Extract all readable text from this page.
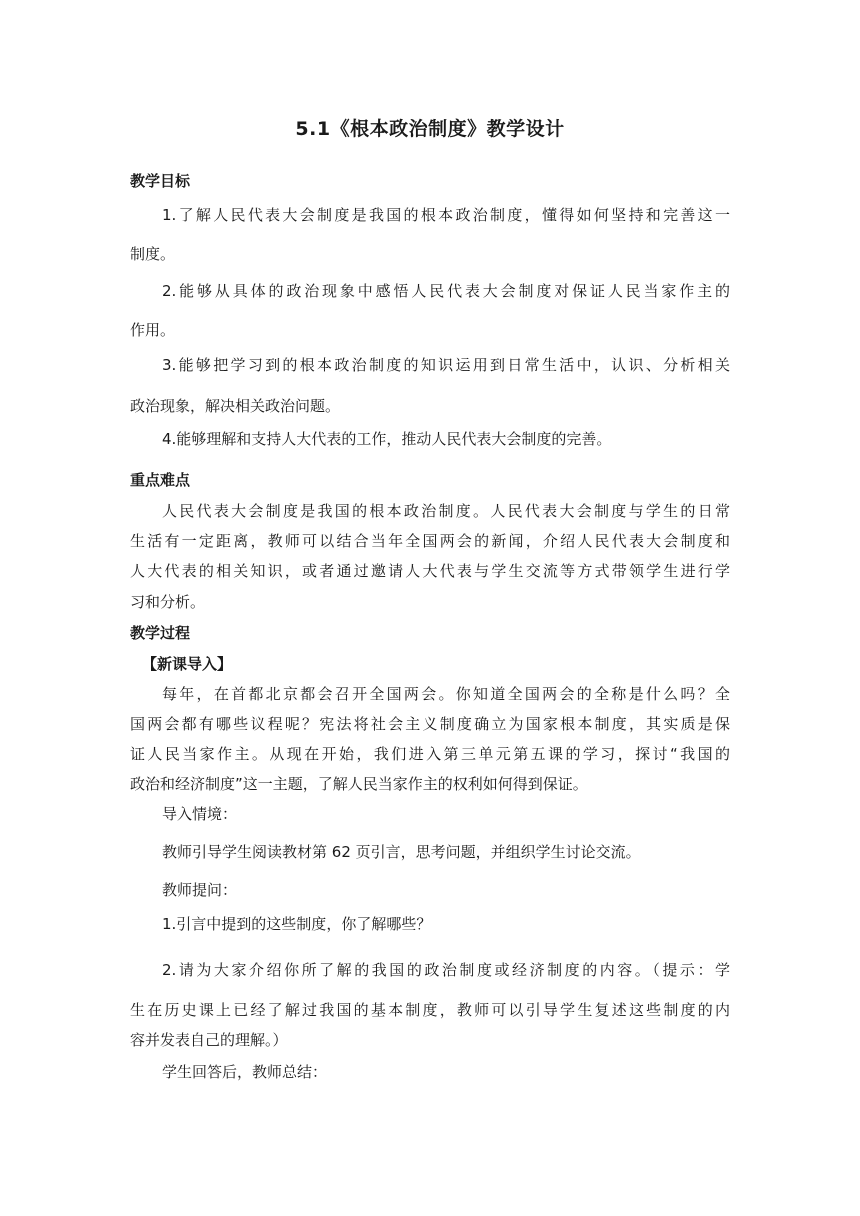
5.1《根本政治制度》教学设计
教学目标
1.了解人民代表大会制度是我国的根本政治制度，懂得如何坚持和完善这一
制度。
2.能够从具体的政治现象中感悟人民代表大会制度对保证人民当家作主的
作用。
3.能够把学习到的根本政治制度的知识运用到日常生活中，认识、分析相关
政治现象，解决相关政治问题。
4.能够理解和支持人大代表的工作，推动人民代表大会制度的完善。
重点难点
人民代表大会制度是我国的根本政治制度。人民代表大会制度与学生的日常
生活有一定距离，教师可以结合当年全国两会的新闻，介绍人民代表大会制度和
人大代表的相关知识，或者通过邀请人大代表与学生交流等方式带领学生进行学
习和分析。
教学过程
【新课导入】
每年，在首都北京都会召开全国两会。你知道全国两会的全称是什么吗？全
国两会都有哪些议程呢？宪法将社会主义制度确立为国家根本制度，其实质是保
证人民当家作主。从现在开始，我们进入第三单元第五课的学习，探讨“我国的
政治和经济制度”这一主题，了解人民当家作主的权利如何得到保证。
导入情境：
教师引导学生阅读教材第 62 页引言，思考问题，并组织学生讨论交流。
教师提问：
1.引言中提到的这些制度，你了解哪些？
2.请为大家介绍你所了解的我国的政治制度或经济制度的内容。（提示：学
生在历史课上已经了解过我国的基本制度，教师可以引导学生复述这些制度的内
容并发表自己的理解。）
学生回答后，教师总结：
